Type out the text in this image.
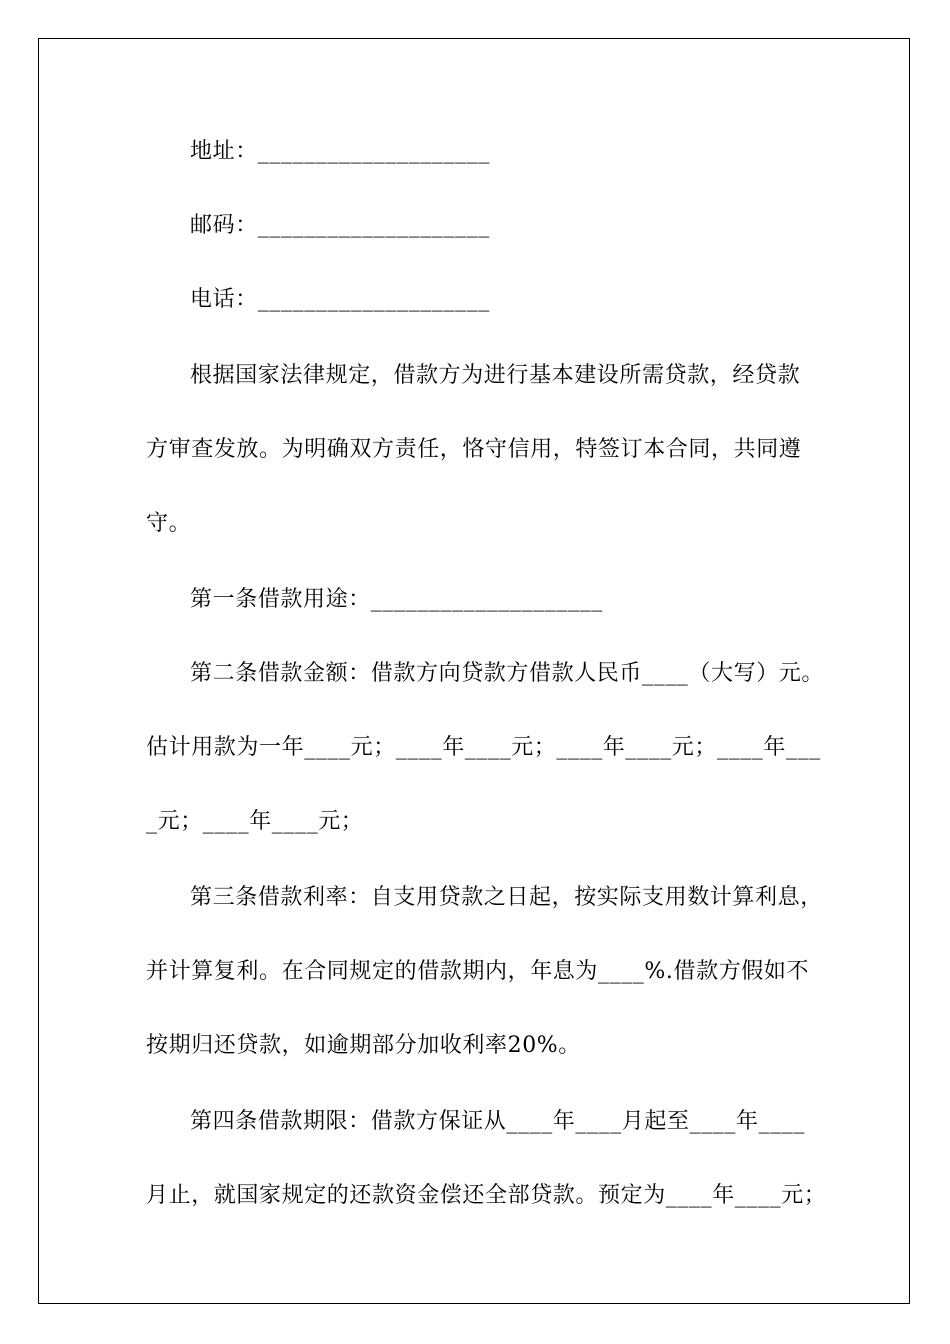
地址：____________________
邮码：____________________
电话：____________________
根据国家法律规定，借款方为进行基本建设所需贷款，经贷款
方审查发放。为明确双方责任，恪守信用，特签订本合同，共同遵
守。
第一条借款用途：____________________
第二条借款金额：借款方向贷款方借款人民币____（大写）元。
估计用款为一年____元；____年____元；____年____元；____年___
_元；____年____元；
第三条借款利率：自支用贷款之日起，按实际支用数计算利息，
并计算复利。在合同规定的借款期内，年息为____%.借款方假如不
按期归还贷款，如逾期部分加收利率20%。
第四条借款期限：借款方保证从____年____月起至____年____
月止，就国家规定的还款资金偿还全部贷款。预定为____年____元；
